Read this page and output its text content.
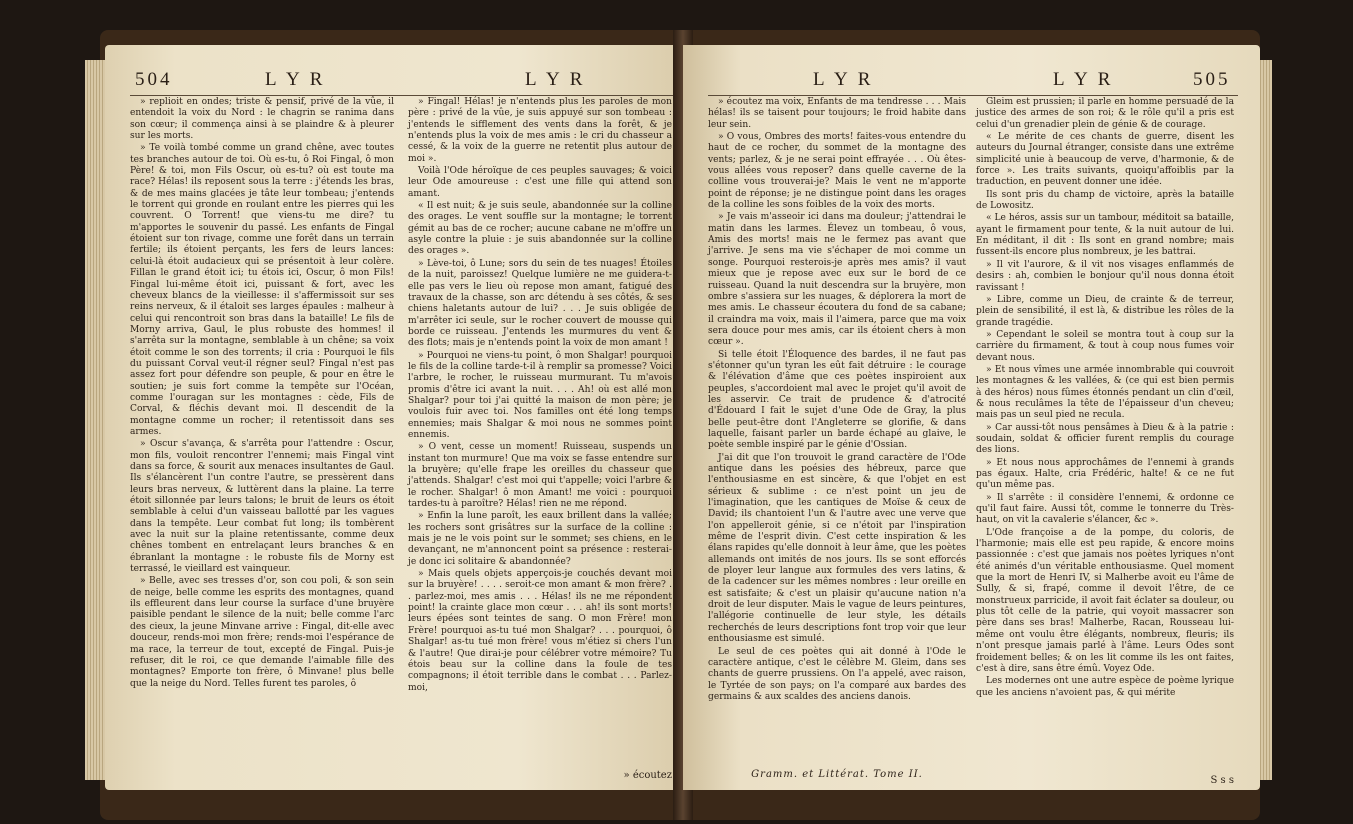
504	L Y R	L Y R

» replioit en ondes; triste & pensif, privé de la vûe, il entendoit la voix du Nord : le chagrin se ranima dans son cœur; il commença ainsi à se plaindre & à pleurer sur les morts.

» Te voilà tombé comme un grand chêne, avec toutes tes branches autour de toi. Où es-tu, ô Roi Fingal, ô mon Père! & toi, mon Fils Oscur, où es-tu? où est toute ma race? Hélas! ils reposent sous la terre : j'étends les bras, & de mes mains glacées je tâte leur tombeau; j'entends le torrent qui gronde en roulant entre les pierres qui les couvrent. O Torrent! que viens-tu me dire? tu m'apportes le souvenir du passé. Les enfants de Fingal étoient sur ton rivage, comme une forêt dans un terrain fertile; ils étoient perçants, les fers de leurs lances: celui-là étoit audacieux qui se présentoit à leur colère. Fillan le grand étoit ici; tu étois ici, Oscur, ô mon Fils! Fingal lui-même étoit ici, puissant & fort, avec les cheveux blancs de la vieillesse: il s'affermissoit sur ses reins nerveux, & il étaloit ses larges épaules : malheur à celui qui rencontroit son bras dans la bataille! Le fils de Morny arriva, Gaul, le plus robuste des hommes! il s'arrêta sur la montagne, semblable à un chêne; sa voix étoit comme le son des torrents; il cria : Pourquoi le fils du puissant Corval veut-il régner seul? Fingal n'est pas assez fort pour défendre son peuple, & pour en être le soutien; je suis fort comme la tempête sur l'Océan, comme l'ouragan sur les montagnes : cède, Fils de Corval, & fléchis devant moi. Il descendit de la montagne comme un rocher; il retentissoit dans ses armes.

» Oscur s'avança, & s'arrêta pour l'attendre : Oscur, mon fils, vouloit rencontrer l'ennemi; mais Fingal vint dans sa force, & sourit aux menaces insultantes de Gaul. Ils s'élancèrent l'un contre l'autre, se pressèrent dans leurs bras nerveux, & luttèrent dans la plaine. La terre étoit sillonnée par leurs talons; le bruit de leurs os étoit semblable à celui d'un vaisseau ballotté par les vagues dans la tempête. Leur combat fut long; ils tombèrent avec la nuit sur la plaine retentissante, comme deux chênes tombent en entrelaçant leurs branches & en ébranlant la montagne : le robuste fils de Morny est terrassé, le vieillard est vainqueur.

» Belle, avec ses tresses d'or, son cou poli, & son sein de neige, belle comme les esprits des montagnes, quand ils effleurent dans leur course la surface d'une bruyère paisible pendant le silence de la nuit; belle comme l'arc des cieux, la jeune Minvane arrive : Fingal, dit-elle avec douceur, rends-moi mon frère; rends-moi l'espérance de ma race, la terreur de tout, excepté de Fingal. Puis-je refuser, dit le roi, ce que demande l'aimable fille des montagnes? Emporte ton frère, ô Minvane! plus belle que la neige du Nord. Telles furent tes paroles, ô

» Fingal! Hélas! je n'entends plus les paroles de mon père : privé de la vûe, je suis appuyé sur son tombeau : j'entends le sifflement des vents dans la forêt, & je n'entends plus la voix de mes amis : le cri du chasseur a cessé, & la voix de la guerre ne retentit plus autour de moi ».

Voilà l'Ode héroïque de ces peuples sauvages; & voici leur Ode amoureuse : c'est une fille qui attend son amant.

« Il est nuit; & je suis seule, abandonnée sur la colline des orages. Le vent souffle sur la montagne; le torrent gémit au bas de ce rocher; aucune cabane ne m'offre un asyle contre la pluie : je suis abandonnée sur la colline des orages ».

» Lève-toi, ô Lune; sors du sein de tes nuages! Étoiles de la nuit, paroissez! Quelque lumière ne me guidera-t-elle pas vers le lieu où repose mon amant, fatigué des travaux de la chasse, son arc détendu à ses côtés, & ses chiens haletants autour de lui? . . . Je suis obligée de m'arrêter ici seule, sur le rocher couvert de mousse qui borde ce ruisseau. J'entends les murmures du vent & des flots; mais je n'entends point la voix de mon amant !

» Pourquoi ne viens-tu point, ô mon Shalgar! pourquoi le fils de la colline tarde-t-il à remplir sa promesse? Voici l'arbre, le rocher, le ruisseau murmurant. Tu m'avois promis d'être ici avant la nuit. . . . Ah! où est allé mon Shalgar? pour toi j'ai quitté la maison de mon père; je voulois fuir avec toi. Nos familles ont été long temps ennemies; mais Shalgar & moi nous ne sommes point ennemis.

» O vent, cesse un moment! Ruisseau, suspends un instant ton murmure! Que ma voix se fasse entendre sur la bruyère; qu'elle frape les oreilles du chasseur que j'attends. Shalgar! c'est moi qui t'appelle; voici l'arbre & le rocher. Shalgar! ô mon Amant! me voici : pourquoi tardes-tu à paroître? Hélas! rien ne me répond.

» Enfin la lune paroît, les eaux brillent dans la vallée; les rochers sont grisâtres sur la surface de la colline : mais je ne le vois point sur le sommet; ses chiens, en le devançant, ne m'annoncent point sa présence : resterai-je donc ici solitaire & abandonnée?

» Mais quels objets apperçois-je couchés devant moi sur la bruyère! . . . . seroit-ce mon amant & mon frère? . . parlez-moi, mes amis . . . Hélas! ils ne me répondent point! la crainte glace mon cœur . . . ah! ils sont morts! leurs épées sont teintes de sang. O mon Frère! mon Frère! pourquoi as-tu tué mon Shalgar? . . . pourquoi, ô Shalgar! as-tu tué mon frère! vous m'étiez si chers l'un & l'autre! Que dirai-je pour célébrer votre mémoire? Tu étois beau sur la colline dans la foule de tes compagnons; il étoit terrible dans le combat . . . Parlez-moi,

» écoutez

L Y R	L Y R	505

» écoutez ma voix, Enfants de ma tendresse . . . Mais hélas! ils se taisent pour toujours; le froid habite dans leur sein.

» O vous, Ombres des morts! faites-vous entendre du haut de ce rocher, du sommet de la montagne des vents; parlez, & je ne serai point effrayée . . . Où êtes-vous allées vous reposer? dans quelle caverne de la colline vous trouverai-je? Mais le vent ne m'apporte point de réponse; je ne distingue point dans les orages de la colline les sons foibles de la voix des morts.

» Je vais m'asseoir ici dans ma douleur; j'attendrai le matin dans les larmes. Élevez un tombeau, ô vous, Amis des morts! mais ne le fermez pas avant que j'arrive. Je sens ma vie s'échaper de moi comme un songe. Pourquoi resterois-je après mes amis? il vaut mieux que je repose avec eux sur le bord de ce ruisseau. Quand la nuit descendra sur la bruyère, mon ombre s'assiera sur les nuages, & déplorera la mort de mes amis. Le chasseur écoutera du fond de sa cabane; il craindra ma voix, mais il l'aimera, parce que ma voix sera douce pour mes amis, car ils étoient chers à mon cœur ».

Si telle étoit l'Éloquence des bardes, il ne faut pas s'étonner qu'un tyran les eût fait détruire : le courage & l'élévation d'âme que ces poètes inspiroient aux peuples, s'accordoient mal avec le projet qu'il avoit de les asservir. Ce trait de prudence & d'atrocité d'Édouard I fait le sujet d'une Ode de Gray, la plus belle peut-être dont l'Angleterre se glorifie, & dans laquelle, faisant parler un barde échapé au glaive, le poète semble inspiré par le génie d'Ossian.

J'ai dit que l'on trouvoit le grand caractère de l'Ode antique dans les poésies des hébreux, parce que l'enthousiasme en est sincère, & que l'objet en est sérieux & sublime : ce n'est point un jeu de l'imagination, que les cantiques de Moïse & ceux de David; ils chantoient l'un & l'autre avec une verve que l'on appelleroit génie, si ce n'étoit par l'inspiration même de l'esprit divin. C'est cette inspiration & les élans rapides qu'elle donnoit à leur âme, que les poètes allemands ont imités de nos jours. Ils se sont efforcés de ployer leur langue aux formules des vers latins, & de la cadencer sur les mêmes nombres : leur oreille en est satisfaite; & c'est un plaisir qu'aucune nation n'a droit de leur disputer. Mais le vague de leurs peintures, l'allégorie continuelle de leur style, les détails recherchés de leurs descriptions font trop voir que leur enthousiasme est simulé.

Le seul de ces poètes qui ait donné à l'Ode le caractère antique, c'est le célèbre M. Gleim, dans ses chants de guerre prussiens. On l'a appelé, avec raison, le Tyrtée de son pays; on l'a comparé aux bardes des germains & aux scaldes des anciens danois.

Gleim est prussien; il parle en homme persuadé de la justice des armes de son roi; & le rôle qu'il a pris est celui d'un grenadier plein de génie & de courage.

« Le mérite de ces chants de guerre, disent les auteurs du Journal étranger, consiste dans une extrême simplicité unie à beaucoup de verve, d'harmonie, & de force ». Les traits suivants, quoiqu'affoiblis par la traduction, en peuvent donner une idée.

Ils sont pris du champ de victoire, après la bataille de Lowositz.

« Le héros, assis sur un tambour, méditoit sa bataille, ayant le firmament pour tente, & la nuit autour de lui. En méditant, il dit : Ils sont en grand nombre; mais fussent-ils encore plus nombreux, je les battrai.

» Il vit l'aurore, & il vit nos visages enflammés de desirs : ah, combien le bonjour qu'il nous donna étoit ravissant !

» Libre, comme un Dieu, de crainte & de terreur, plein de sensibilité, il est là, & distribue les rôles de la grande tragédie.

» Cependant le soleil se montra tout à coup sur la carrière du firmament, & tout à coup nous fumes voir devant nous.

» Et nous vîmes une armée innombrable qui couvroit les montagnes & les vallées, & (ce qui est bien permis à des héros) nous fûmes étonnés pendant un clin d'œil, & nous reculâmes la tête de l'épaisseur d'un cheveu; mais pas un seul pied ne recula.

» Car aussi-tôt nous pensâmes à Dieu & à la patrie : soudain, soldat & officier furent remplis du courage des lions.

» Et nous nous approchâmes de l'ennemi à grands pas égaux. Halte, cria Frédéric, halte! & ce ne fut qu'un même pas.

» Il s'arrête : il considère l'ennemi, & ordonne ce qu'il faut faire. Aussi tôt, comme le tonnerre du Très-haut, on vit la cavalerie s'élancer, &c ».

L'Ode françoise a de la pompe, du coloris, de l'harmonie; mais elle est peu rapide, & encore moins passionnée : c'est que jamais nos poètes lyriques n'ont été animés d'un véritable enthousiasme. Quel moment que la mort de Henri IV, si Malherbe avoit eu l'âme de Sully, & si, frapé, comme il devoit l'être, de ce monstrueux parricide, il avoit fait éclater sa douleur, ou plus tôt celle de la patrie, qui voyoit massacrer son père dans ses bras! Malherbe, Racan, Rousseau lui-même ont voulu être élégants, nombreux, fleuris; ils n'ont presque jamais parlé à l'âme. Leurs Odes sont froidement belles; & on les lit comme ils les ont faites, c'est à dire, sans être émû. Voyez Ode.

Les modernes ont une autre espèce de poème lyrique que les anciens n'avoient pas, & qui mérite

Gramm. et Littérat. Tome II.

S s s
